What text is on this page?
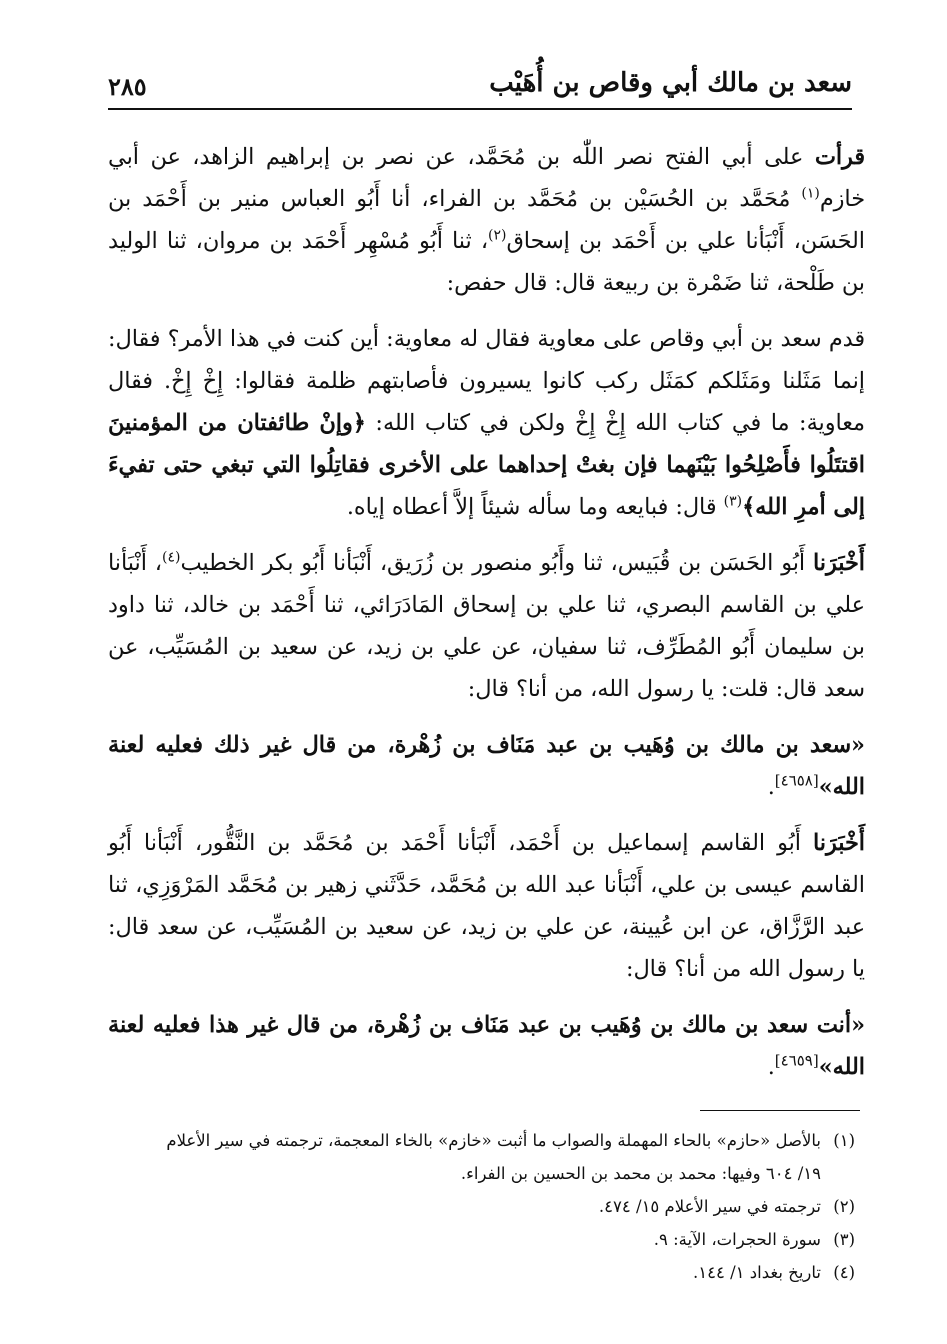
سعد بن مالك أبي وقاص بن أُهَيْب
٢٨٥

قرأت على أبي الفتح نصر اللّٰه بن مُحَمَّد، عن نصر بن إبراهيم الزاهد، عن أبي خازم$^{(١)}$ مُحَمَّد بن الحُسَيْن بن مُحَمَّد بن الفراء، أنا أَبُو العباس منير بن أَحْمَد بن الحَسَن، أَنْبَأنا علي بن أَحْمَد بن إسحاق$^{(٢)}$، ثنا أَبُو مُسْهِر أَحْمَد بن مروان، ثنا الوليد بن طَلْحة، ثنا ضَمْرة بن ربيعة قال: قال حفص:

قدم سعد بن أبي وقاص على معاوية فقال له معاوية: أين كنت في هذا الأمر؟ فقال: إنما مَثَلنا ومَثَلكم كمَثَل ركب كانوا يسيرون فأصابتهم ظلمة فقالوا: إِخْ إِخْ. فقال معاوية: ما في كتاب الله إِخْ إِخْ ولكن في كتاب الله: ﴿وإنْ طائفتان من المؤمنينَ اقتتَلُوا فأَصْلِحُوا بَيْنَهما فإن بغتْ إحداهما على الأخرى فقاتِلُوا التي تبغي حتى تفيءَ إلى أمرِ الله﴾$^{(٣)}$ قال: فبايعه وما سأله شيئاً إلاَّ أعطاه إياه.

أَخْبَرَنا أَبُو الحَسَن بن قُبَيس، ثنا وأَبُو منصور بن زُرَيق، أَنْبَأنا أَبُو بكر الخطيب$^{(٤)}$، أَنْبَأنا علي بن القاسم البصري، ثنا علي بن إسحاق المَادَرَائي، ثنا أَحْمَد بن خالد، ثنا داود بن سليمان أَبُو المُطَرِّف، ثنا سفيان، عن علي بن زيد، عن سعيد بن المُسَيِّب، عن سعد قال: قلت: يا رسول الله، من أنا؟ قال:

«سعد بن مالك بن وُهَيب بن عبد مَنَاف بن زُهْرة، من قال غير ذلك فعليه لعنة الله»[٤٦٥٨].

أَخْبَرَنا أَبُو القاسم إسماعيل بن أَحْمَد، أَنْبَأنا أَحْمَد بن مُحَمَّد بن النَّقُّور، أَنْبَأنا أَبُو القاسم عيسى بن علي، أَنْبَأنا عبد الله بن مُحَمَّد، حَدَّثَني زهير بن مُحَمَّد المَرْوَزِي، ثنا عبد الرَّزَّاق، عن ابن عُيينة، عن علي بن زيد، عن سعيد بن المُسَيِّب، عن سعد قال: يا رسول الله من أنا؟ قال:

«أنت سعد بن مالك بن وُهَيب بن عبد مَنَاف بن زُهْرة، من قال غير هذا فعليه لعنة الله»[٤٦٥٩].

(١)بالأصل «حازم» بالحاء المهملة والصواب ما أثبت «خازم» بالخاء المعجمة، ترجمته في سير الأعلام

١٩/ ٦٠٤ وفيها: محمد بن محمد بن الحسين بن الفراء.

(٢)ترجمته في سير الأعلام ١٥/ ٤٧٤.

(٣)سورة الحجرات، الآية: ٩.

(٤)تاريخ بغداد ١/ ١٤٤.
